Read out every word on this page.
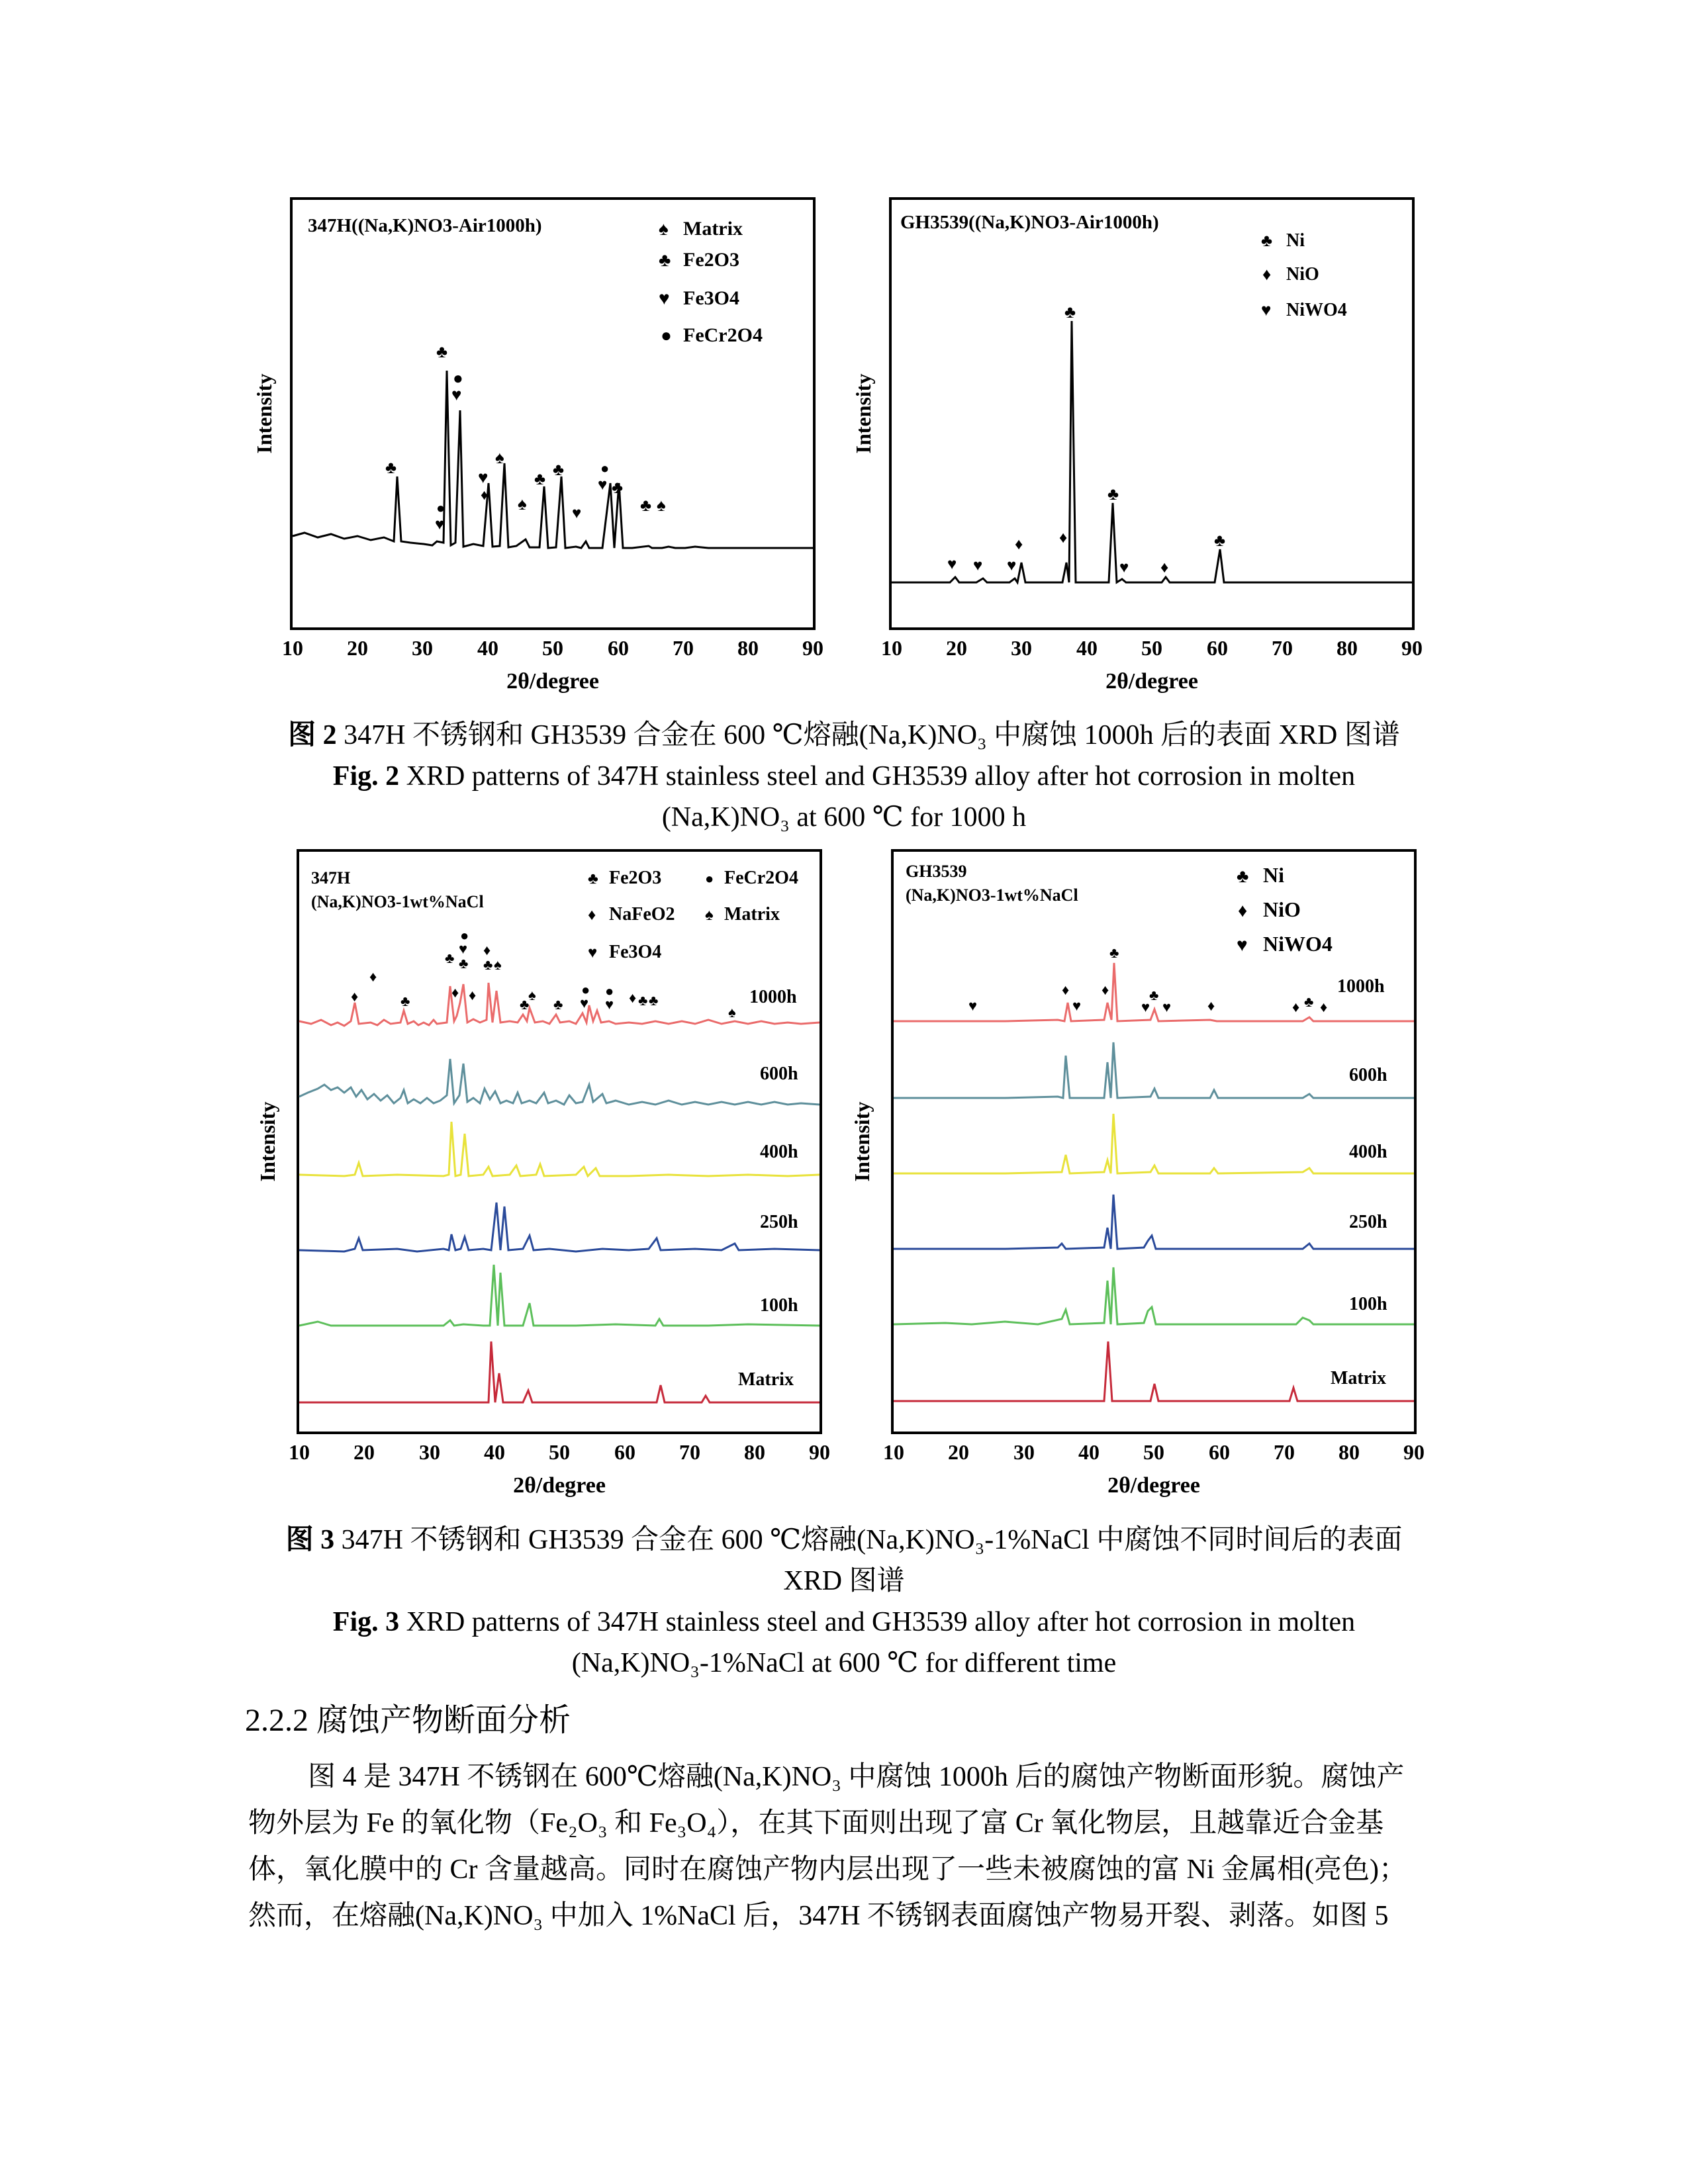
347H((Na,K)NO3-Air1000h)	♠ Matrix
♣ Fe2O3
♥ Fe3O4
● FeCr2O4
Intensity
♣
♣
●
♥
♥
●
♥
♦
♠
♠
♣ ♣
♥
●
♥ ♣
♣ ♠
10 20 30 40 50 60 70 80 90
2θ/degree
GH3539((Na,K)NO3-Air1000h)
♣ Ni
♦ NiO
♥ NiWO4
Intensity
♥ ♥ ♥
♦ ♦
♣
♣
♥ ♦
♣
10 20 30 40 50 60 70 80 90
2θ/degree
图 2 347H 不锈钢和 GH3539 合金在 600 ℃熔融(Na,K)NO₃ 中腐蚀 1000h 后的表面 XRD 图谱
Fig. 2 XRD patterns of 347H stainless steel and GH3539 alloy after hot corrosion in molten
(Na,K)NO₃ at 600 ℃ for 1000 h
347H
(Na,K)NO3-1wt%NaCl
♣ Fe2O3	● FeCr2O4
♦ NaFeO2 ♠ Matrix
♥ Fe3O4
Intensity
♦
♦
♣
♣
♦
●
♥
♣
♦
♦
♣ ♠
♣
♠
♣ ♥
● ●
♥ ♦ ♣ ♣
♠
1000h
600h
400h
250h
100h
Matrix
10 20 30 40 50 60 70 80 90
2θ/degree
GH3539
(Na,K)NO3-1wt%NaCl
♣ Ni
♦ NiO
♥ NiWO4
Intensity
♥
♦
♥
♦
♣
♥
♣
♥ ♦	♦ ♣ ♦
1000h
600h
400h
250h
100h
Matrix
10 20 30 40 50 60 70 80 90
2θ/degree
图 3 347H 不锈钢和 GH3539 合金在 600 ℃熔融(Na,K)NO₃-1%NaCl 中腐蚀不同时间后的表面
XRD 图谱
Fig. 3 XRD patterns of 347H stainless steel and GH3539 alloy after hot corrosion in molten
(Na,K)NO₃-1%NaCl at 600 ℃ for different time
2.2.2 腐蚀产物断面分析
图 4 是 347H 不锈钢在 600℃熔融(Na,K)NO₃ 中腐蚀 1000h 后的腐蚀产物断面形貌。腐蚀产
物外层为 Fe 的氧化物（Fe₂O₃ 和 Fe₃O₄），在其下面则出现了富 Cr 氧化物层，且越靠近合金基
体，氧化膜中的 Cr 含量越高。同时在腐蚀产物内层出现了一些未被腐蚀的富 Ni 金属相(亮色)；
然而，在熔融(Na,K)NO₃ 中加入 1%NaCl 后，347H 不锈钢表面腐蚀产物易开裂、剥落。如图 5
